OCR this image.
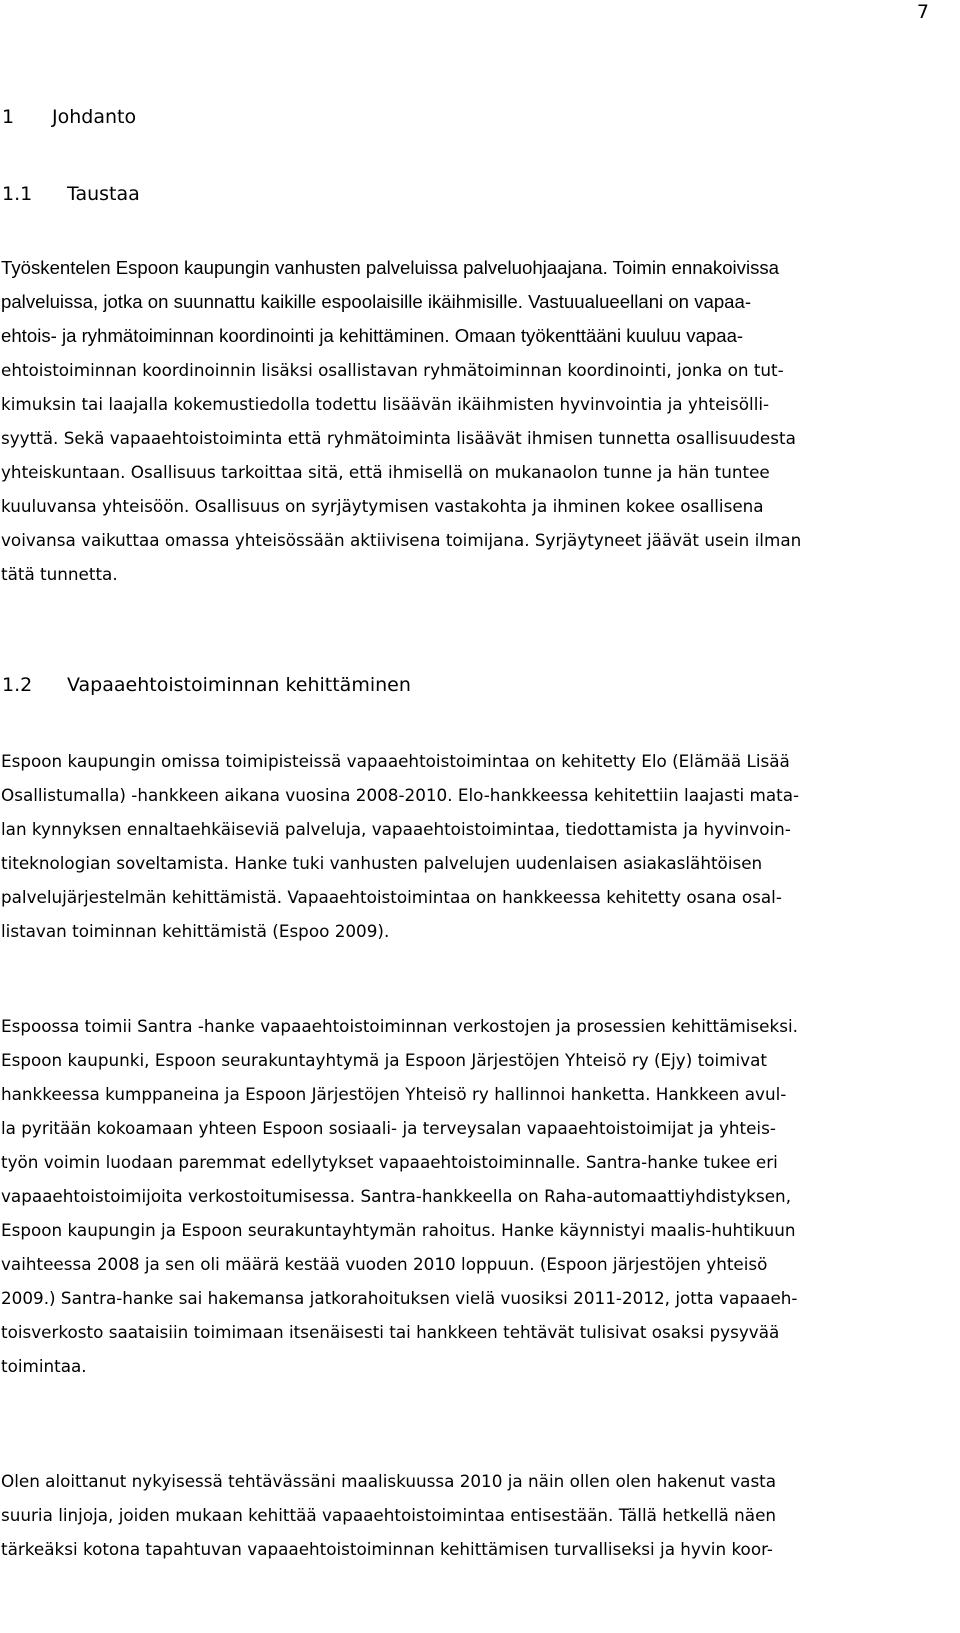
7
1 Johdanto
1.1 Taustaa
Työskentelen Espoon kaupungin vanhusten palveluissa palveluohjaajana. Toimin ennakoivissa
palveluissa, jotka on suunnattu kaikille espoolaisille ikäihmisille. Vastuualueellani on vapaa-
ehtois- ja ryhmätoiminnan koordinointi ja kehittäminen. Omaan työkenttääni kuuluu vapaa-
ehtoistoiminnan koordinoinnin lisäksi osallistavan ryhmätoiminnan koordinointi, jonka on tut-
kimuksin tai laajalla kokemustiedolla todettu lisäävän ikäihmisten hyvinvointia ja yhteisölli-
syyttä. Sekä vapaaehtoistoiminta että ryhmätoiminta lisäävät ihmisen tunnetta osallisuudesta
yhteiskuntaan. Osallisuus tarkoittaa sitä, että ihmisellä on mukanaolon tunne ja hän tuntee
kuuluvansa yhteisöön. Osallisuus on syrjäytymisen vastakohta ja ihminen kokee osallisena
voivansa vaikuttaa omassa yhteisössään aktiivisena toimijana. Syrjäytyneet jäävät usein ilman
tätä tunnetta.
1.2 Vapaaehtoistoiminnan kehittäminen
Espoon kaupungin omissa toimipisteissä vapaaehtoistoimintaa on kehitetty Elo (Elämää Lisää
Osallistumalla) -hankkeen aikana vuosina 2008-2010. Elo-hankkeessa kehitettiin laajasti mata-
lan kynnyksen ennaltaehkäiseviä palveluja, vapaaehtoistoimintaa, tiedottamista ja hyvinvoin-
titeknologian soveltamista. Hanke tuki vanhusten palvelujen uudenlaisen asiakaslähtöisen
palvelujärjestelmän kehittämistä. Vapaaehtoistoimintaa on hankkeessa kehitetty osana osal-
listavan toiminnan kehittämistä (Espoo 2009).
Espoossa toimii Santra -hanke vapaaehtoistoiminnan verkostojen ja prosessien kehittämiseksi.
Espoon kaupunki, Espoon seurakuntayhtymä ja Espoon Järjestöjen Yhteisö ry (Ejy) toimivat
hankkeessa kumppaneina ja Espoon Järjestöjen Yhteisö ry hallinnoi hanketta. Hankkeen avul-
la pyritään kokoamaan yhteen Espoon sosiaali- ja terveysalan vapaaehtoistoimijat ja yhteis-
työn voimin luodaan paremmat edellytykset vapaaehtoistoiminnalle. Santra-hanke tukee eri
vapaaehtoistoimijoita verkostoitumisessa. Santra-hankkeella on Raha-automaattiyhdistyksen,
Espoon kaupungin ja Espoon seurakuntayhtymän rahoitus. Hanke käynnistyi maalis-huhtikuun
vaihteessa 2008 ja sen oli määrä kestää vuoden 2010 loppuun. (Espoon järjestöjen yhteisö
2009.) Santra-hanke sai hakemansa jatkorahoituksen vielä vuosiksi 2011-2012, jotta vapaaeh-
toisverkosto saataisiin toimimaan itsenäisesti tai hankkeen tehtävät tulisivat osaksi pysyvää
toimintaa.
Olen aloittanut nykyisessä tehtävässäni maaliskuussa 2010 ja näin ollen olen hakenut vasta
suuria linjoja, joiden mukaan kehittää vapaaehtoistoimintaa entisestään. Tällä hetkellä näen
tärkeäksi kotona tapahtuvan vapaaehtoistoiminnan kehittämisen turvalliseksi ja hyvin koor-
